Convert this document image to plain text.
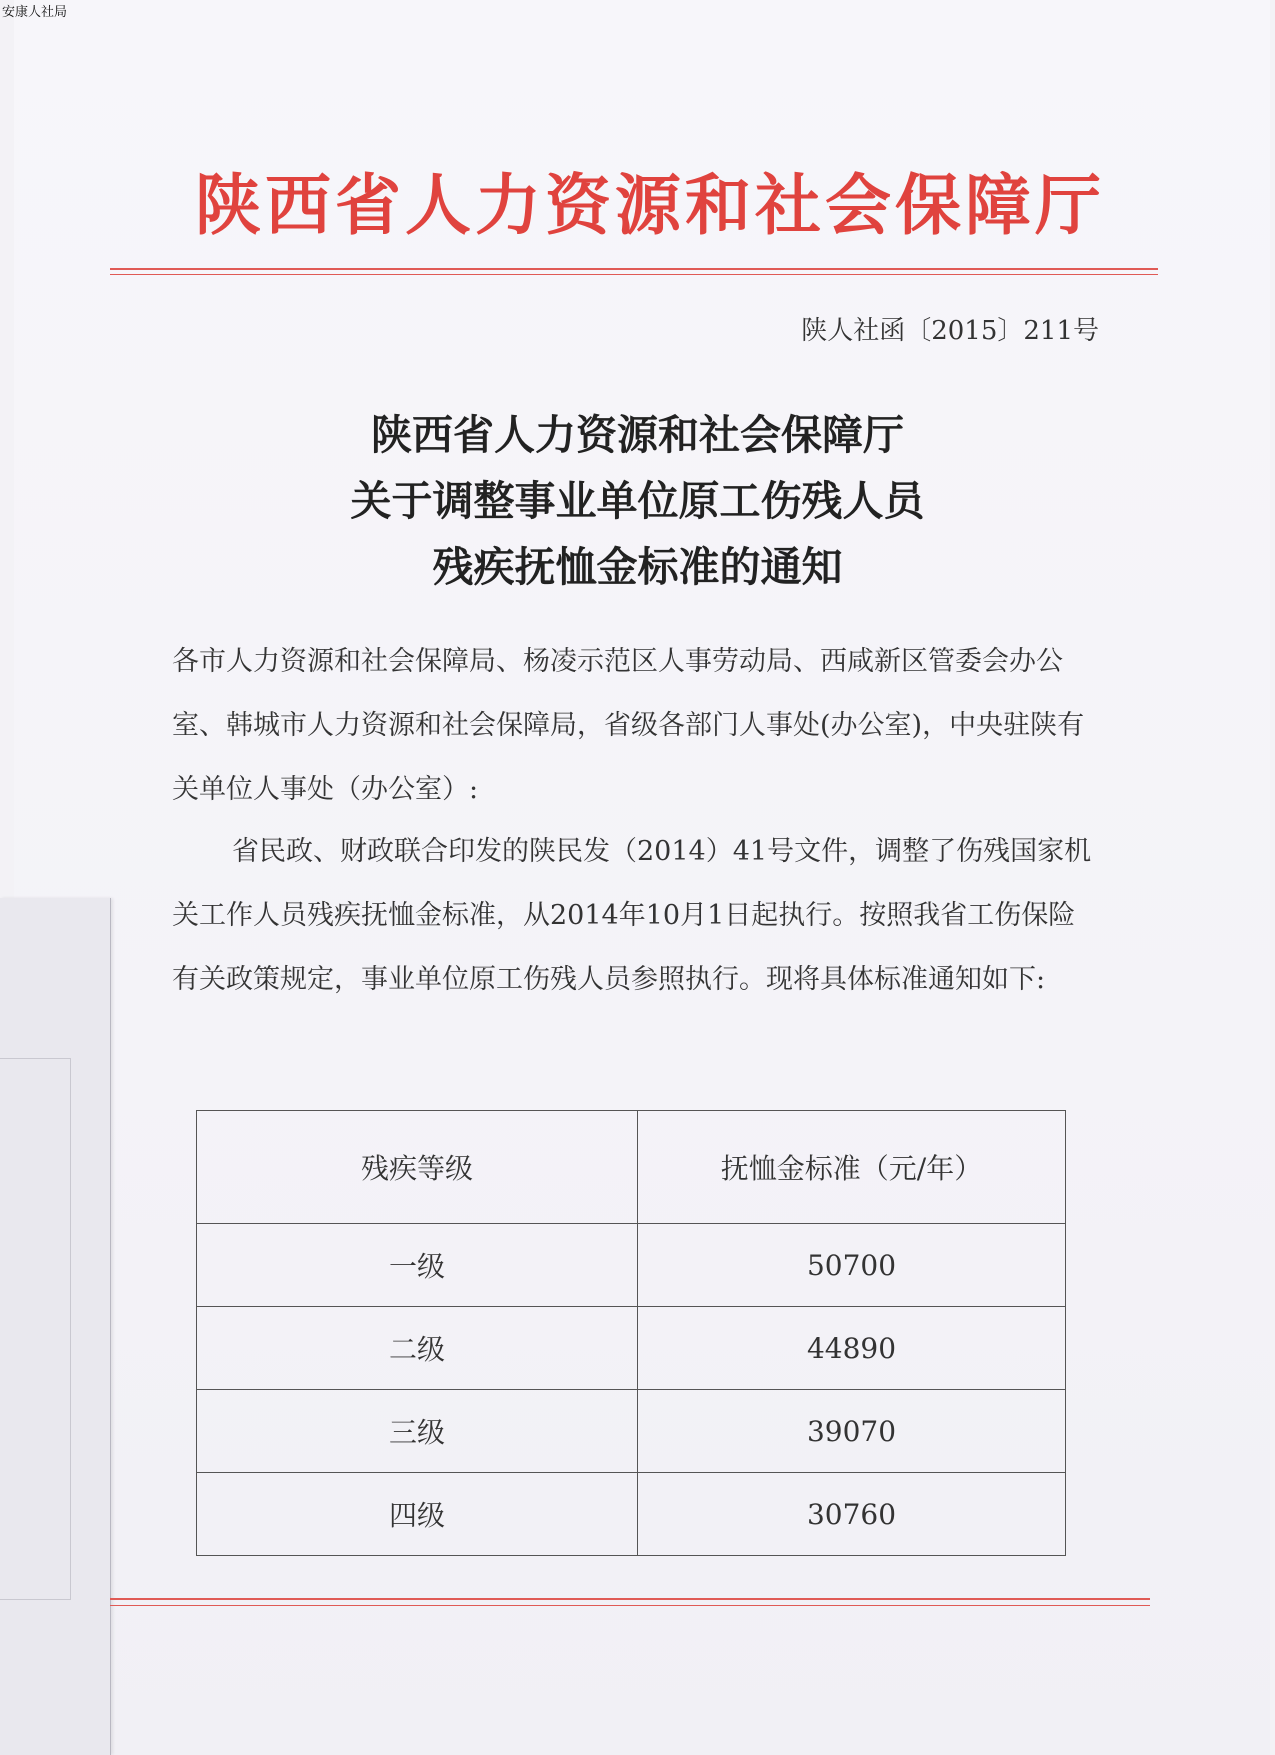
安康人社局
陕西省人力资源和社会保障厅
陕人社函〔2015〕211号
陕西省人力资源和社会保障厅
关于调整事业单位原工伤残人员
残疾抚恤金标准的通知
各市人力资源和社会保障局、杨凌示范区人事劳动局、西咸新区管委会办公室、韩城市人力资源和社会保障局，省级各部门人事处(办公室)，中央驻陕有关单位人事处（办公室）:
省民政、财政联合印发的陕民发（2014）41号文件，调整了伤残国家机关工作人员残疾抚恤金标准，从2014年10月1日起执行。按照我省工伤保险有关政策规定，事业单位原工伤残人员参照执行。现将具体标准通知如下:
残疾等级	抚恤金标准（元/年）
一级	50700
二级	44890
三级	39070
四级	30760
